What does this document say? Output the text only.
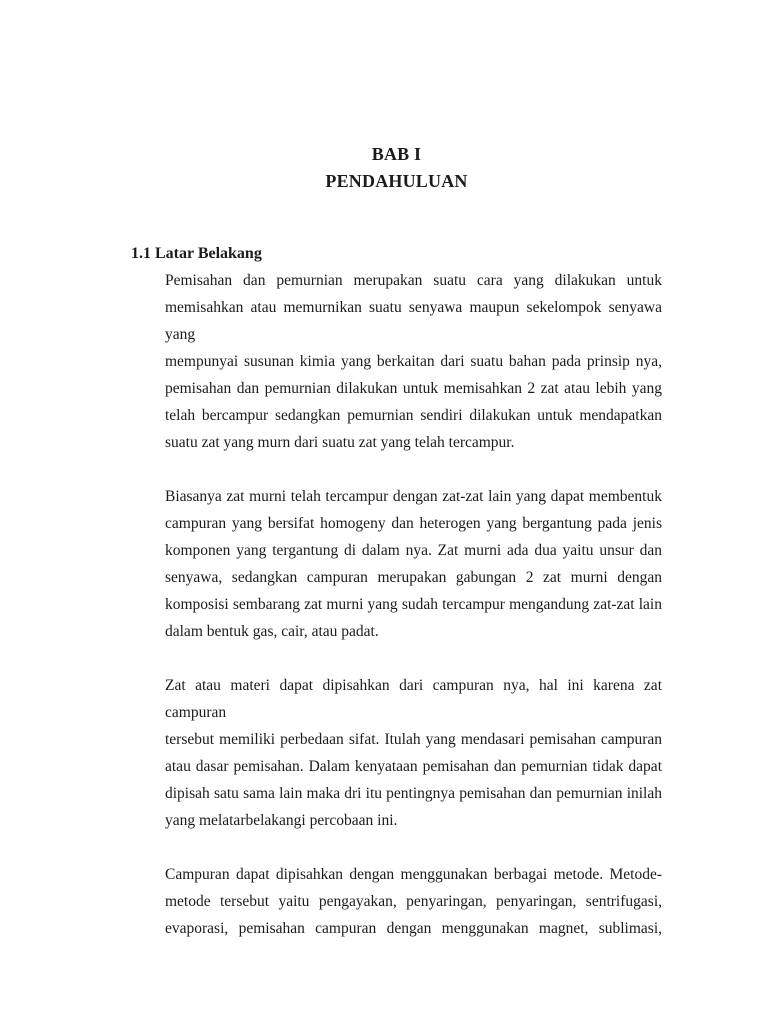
BAB I
PENDAHULUAN
1.1 Latar Belakang
Pemisahan dan pemurnian merupakan suatu cara yang dilakukan untuk
memisahkan atau memurnikan suatu senyawa maupun sekelompok senyawa yang
mempunyai susunan kimia yang berkaitan dari suatu bahan pada prinsip nya,
pemisahan dan pemurnian dilakukan untuk memisahkan 2 zat atau lebih yang
telah bercampur sedangkan pemurnian sendiri dilakukan untuk mendapatkan
suatu zat yang murn dari suatu zat yang telah tercampur.
Biasanya zat murni telah tercampur dengan zat-zat lain yang dapat membentuk
campuran yang bersifat homogeny dan heterogen yang bergantung pada jenis
komponen yang tergantung di dalam nya. Zat murni ada dua yaitu unsur dan
senyawa, sedangkan campuran merupakan gabungan 2 zat murni dengan
komposisi sembarang zat murni yang sudah tercampur mengandung zat-zat lain
dalam bentuk gas, cair, atau padat.
Zat atau materi dapat dipisahkan dari campuran nya, hal ini karena zat campuran
tersebut memiliki perbedaan sifat. Itulah yang mendasari pemisahan campuran
atau dasar pemisahan. Dalam kenyataan pemisahan dan pemurnian tidak dapat
dipisah satu sama lain maka dri itu pentingnya pemisahan dan pemurnian inilah
yang melatarbelakangi percobaan ini.
Campuran dapat dipisahkan dengan menggunakan berbagai metode. Metode-
metode tersebut yaitu pengayakan, penyaringan, penyaringan, sentrifugasi,
evaporasi, pemisahan campuran dengan menggunakan magnet, sublimasi,
